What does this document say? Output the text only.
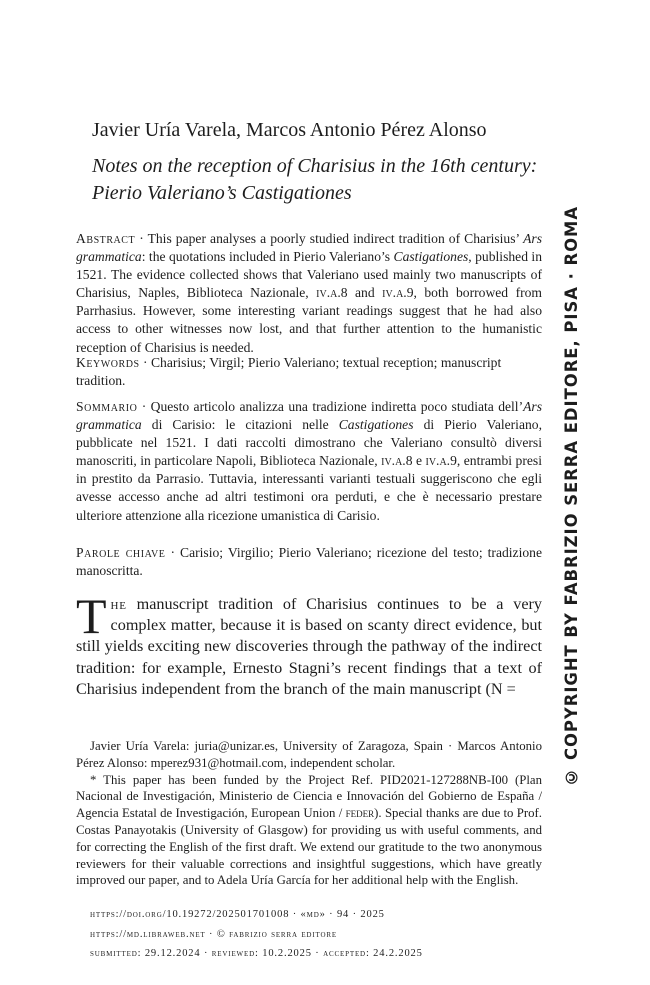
Javier Uría Varela, Marcos Antonio Pérez Alonso
Notes on the reception of Charisius in the 16th century:
Pierio Valeriano’s Castigationes

Abstract · This paper analyses a poorly studied indirect tradition of Charisius’ Ars grammatica: the quotations included in Pierio Valeriano’s Castigationes, published in 1521. The evidence collected shows that Valeriano used mainly two manuscripts of Charisius, Naples, Biblioteca Nazionale, iv.a.8 and iv.a.9, both borrowed from Parrhasius. However, some interesting variant readings suggest that he had also access to other witnesses now lost, and that further attention to the humanistic reception of Charisius is needed.

Keywords · Charisius; Virgil; Pierio Valeriano; textual reception; manuscript tradition.

Sommario · Questo articolo analizza una tradizione indiretta poco studiata dell’Ars grammatica di Carisio: le citazioni nelle Castigationes di Pierio Valeriano, pubblicate nel 1521. I dati raccolti dimostrano che Valeriano consultò diversi manoscriti, in particolare Napoli, Biblioteca Nazionale, iv.a.8 e iv.a.9, entrambi presi in prestito da Parrasio. Tuttavia, interessanti varianti testuali suggeriscono che egli avesse accesso anche ad altri testimoni ora perduti, e che è necessario prestare ulteriore attenzione alla ricezione umanistica di Carisio.

Parole chiave · Carisio; Virgilio; Pierio Valeriano; ricezione del testo; tradizione manoscritta.

The manuscript tradition of Charisius continues to be a very complex matter, because it is based on scanty direct evidence, but still yields exciting new discoveries through the pathway of the indirect tradition: for example, Ernesto Stagni’s recent findings that a text of Charisius independent from the branch of the main manuscript (N =

Javier Uría Varela: juria@unizar.es, University of Zaragoza, Spain · Marcos Antonio Pérez Alonso: mperez931@hotmail.com, independent scholar.

* This paper has been funded by the Project Ref. PID2021-127288NB-I00 (Plan Nacional de Investigación, Ministerio de Ciencia e Innovación del Gobierno de España / Agencia Estatal de Investigación, European Union / feder). Special thanks are due to Prof. Costas Panayotakis (University of Glasgow) for providing us with useful comments, and for correcting the English of the first draft. We extend our gratitude to the two anonymous reviewers for their valuable corrections and insightful suggestions, which have greatly improved our paper, and to Adela Uría García for her additional help with the English.

https://doi.org/10.19272/202501701008 · «md» · 94 · 2025
https://md.libraweb.net · © fabrizio serra editore
submitted: 29.12.2024 · reviewed: 10.2.2025 · accepted: 24.2.2025
© COPYRIGHT BY FABRIZIO SERRA EDITORE, PISA · ROMA
